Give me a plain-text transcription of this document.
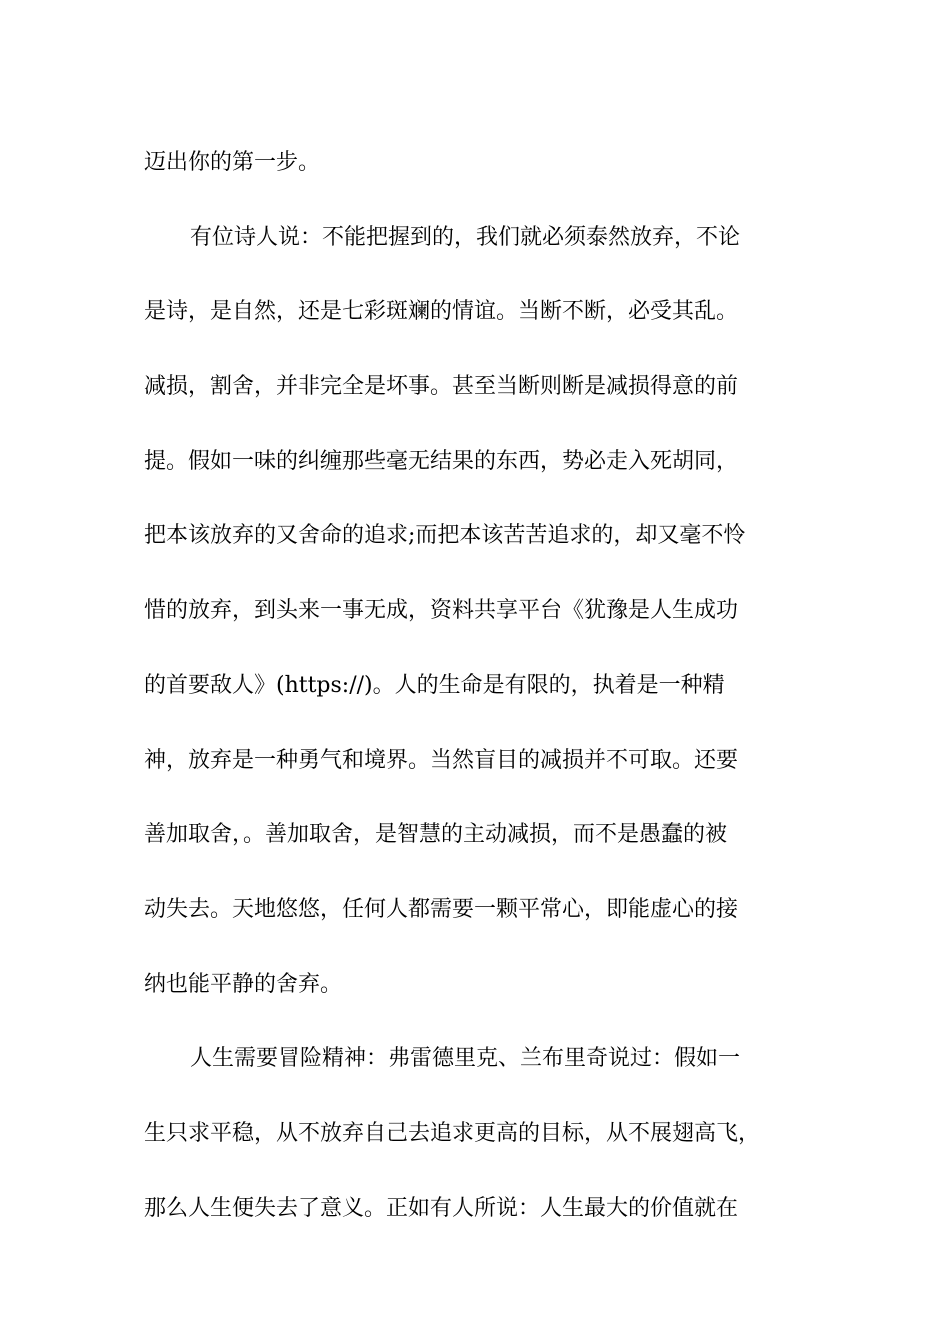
迈出你的第一步。
有位诗人说：不能把握到的，我们就必须泰然放弃，不论
是诗，是自然，还是七彩斑斓的情谊。当断不断，必受其乱。
减损，割舍，并非完全是坏事。甚至当断则断是减损得意的前
提。假如一味的纠缠那些毫无结果的东西，势必走入死胡同，
把本该放弃的又舍命的追求;而把本该苦苦追求的，却又毫不怜
惜的放弃，到头来一事无成，资料共享平台《犹豫是人生成功
的首要敌人》(https://)。人的生命是有限的，执着是一种精
神，放弃是一种勇气和境界。当然盲目的减损并不可取。还要
善加取舍，。善加取舍，是智慧的主动减损，而不是愚蠢的被
动失去。天地悠悠，任何人都需要一颗平常心，即能虚心的接
纳也能平静的舍弃。
人生需要冒险精神：弗雷德里克、兰布里奇说过：假如一
生只求平稳，从不放弃自己去追求更高的目标，从不展翅高飞，
那么人生便失去了意义。正如有人所说：人生最大的价值就在
